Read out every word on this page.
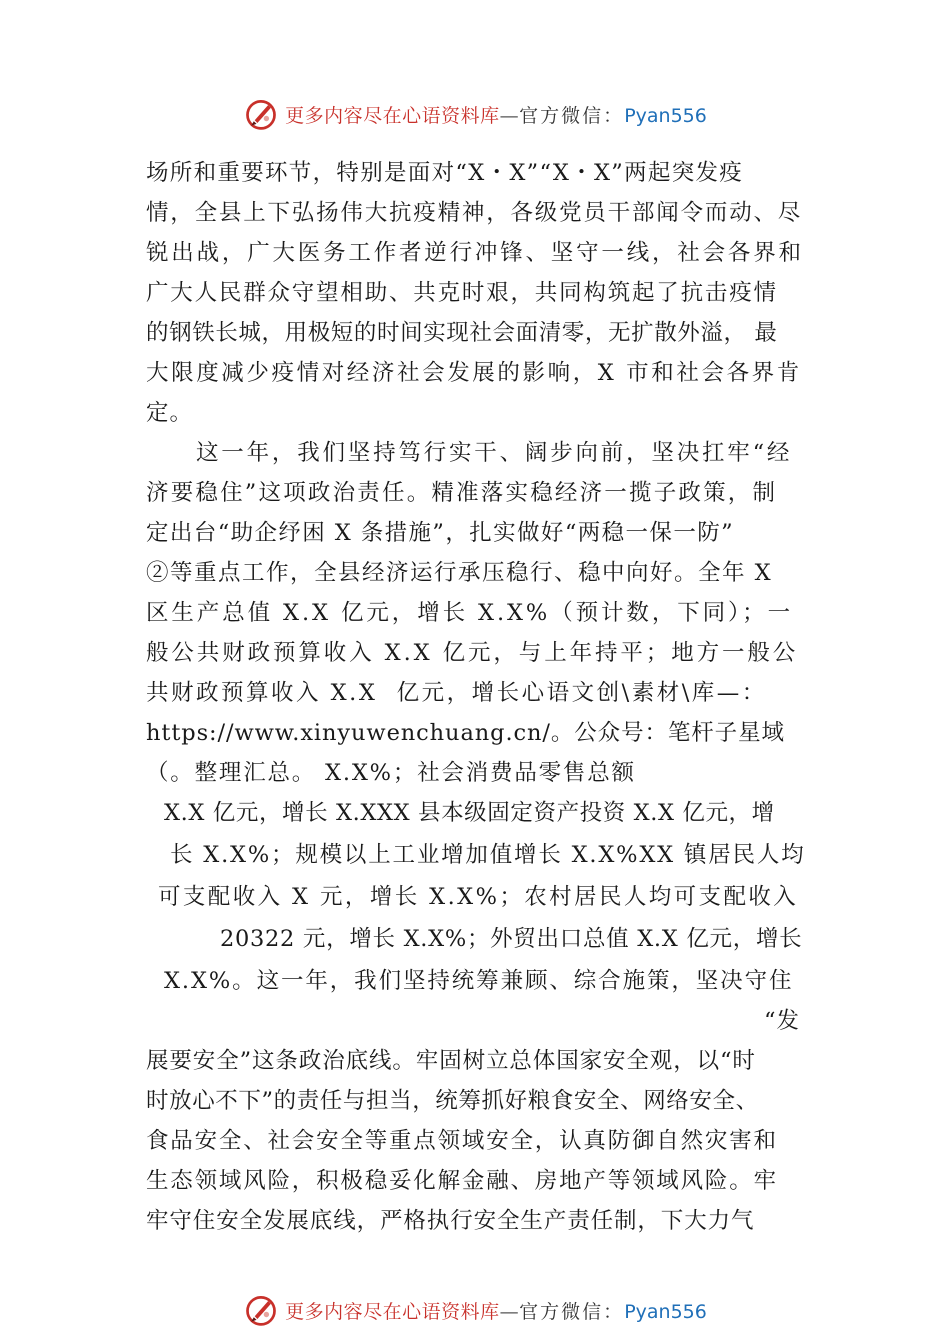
更多内容尽在心语资料库—官方微信：Pyan556
场所和重要环节，特别是面对“X・X”“X・X”两起突发疫
情，全县上下弘扬伟大抗疫精神，各级党员干部闻令而动、尽
锐出战，广大医务工作者逆行冲锋、坚守一线，社会各界和
广大人民群众守望相助、共克时艰，共同构筑起了抗击疫情
的钢铁长城，用极短的时间实现社会面清零，无扩散外溢， 最
大限度减少疫情对经济社会发展的影响，X 市和社会各界肯
定。
这一年，我们坚持笃行实干、阔步向前，坚决扛牢“经
济要稳住”这项政治责任。精准落实稳经济一揽子政策，制
定出台“助企纾困 X 条措施”，扎实做好“两稳一保一防”
②等重点工作，全县经济运行承压稳行、稳中向好。全年 X
区生产总值 X.X 亿元，增长 X.X%（预计数，下同）；一
般公共财政预算收入 X.X 亿元，与上年持平；地方一般公
共财政预算收入 X.X  亿元，增长心语文创\素材\库—：
https://www.xinyuwenchuang.cn/。公众号：笔杆子星域
（。整理汇总。 X.X%；社会消费品零售总额
X.X 亿元，增长 X.XXX 县本级固定资产投资 X.X 亿元，增
长 X.X%；规模以上工业增加值增长 X.X%XX 镇居民人均
可支配收入 X 元，增长 X.X%；农村居民人均可支配收入
20322 元，增长 X.X%；外贸出口总值 X.X 亿元，增长
X.X%。这一年，我们坚持统筹兼顾、综合施策，坚决守住
“发
展要安全”这条政治底线。牢固树立总体国家安全观，以“时
时放心不下”的责任与担当，统筹抓好粮食安全、网络安全、
食品安全、社会安全等重点领域安全，认真防御自然灾害和
生态领域风险，积极稳妥化解金融、房地产等领域风险。牢
牢守住安全发展底线，严格执行安全生产责任制，下大力气
更多内容尽在心语资料库—官方微信：Pyan556
